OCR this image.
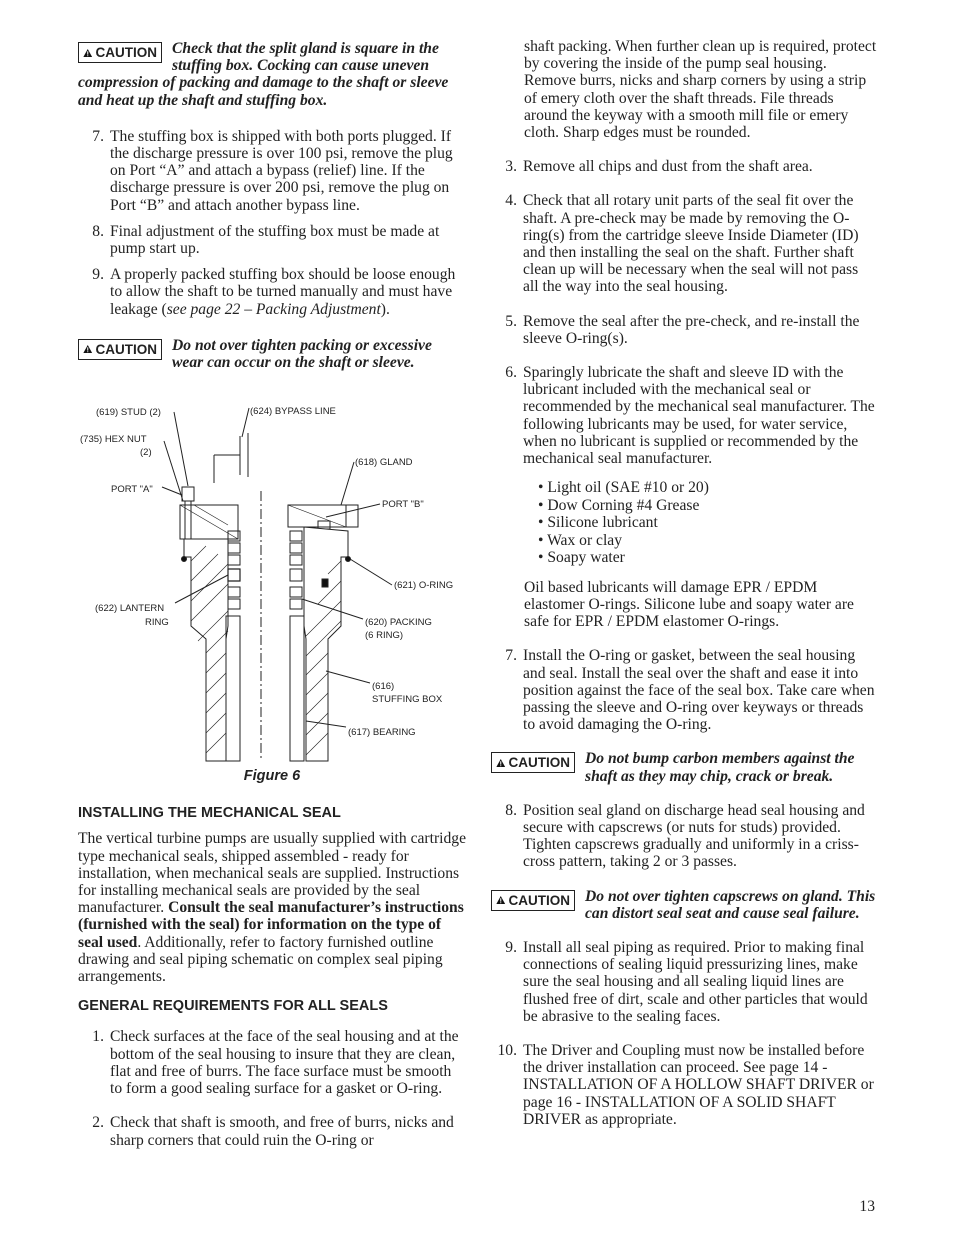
CAUTION Check that the split gland is square in the stuffing box. Cocking can cause uneven compression of packing and damage to the shaft or sleeve and heat up the shaft and stuffing box.
7. The stuffing box is shipped with both ports plugged. If the discharge pressure is over 100 psi, remove the plug on Port “A” and attach a bypass (relief) line. If the discharge pressure is over 200 psi, remove the plug on Port “B” and attach another bypass line.
8. Final adjustment of the stuffing box must be made at pump start up.
9. A properly packed stuffing box should be loose enough to allow the shaft to be turned manually and must have leakage (see page 22 – Packing Adjustment).
CAUTION Do not over tighten packing or excessive wear can occur on the shaft or sleeve.
(619) STUD (2)
(735) HEX NUT
(2)
(624) BYPASS LINE
(618) GLAND
PORT "A"
PORT "B"
(621) O-RING
(622) LANTERN
RING	(620) PACKING
(6 RING)
(616)
STUFFING BOX
(617) BEARING
Figure 6
INSTALLING THE MECHANICAL SEAL

The vertical turbine pumps are usually supplied with cartridge type mechanical seals, shipped assembled - ready for installation, when mechanical seals are supplied. Instructions for installing mechanical seals are provided by the seal manufacturer. Consult the seal manufacturer’s instructions (furnished with the seal) for information on the type of seal used. Additionally, refer to factory furnished outline drawing and seal piping schematic on complex seal piping arrangements.

GENERAL REQUIREMENTS FOR ALL SEALS
1. Check surfaces at the face of the seal housing and at the bottom of the seal housing to insure that they are clean, flat and free of burrs. The face surface must be smooth to form a good sealing surface for a gasket or O-ring.
2. Check that shaft is smooth, and free of burrs, nicks and sharp corners that could ruin the O-ring or

shaft packing. When further clean up is required, protect by covering the inside of the pump seal housing. Remove burrs, nicks and sharp corners by using a strip of emery cloth over the shaft threads. File threads around the keyway with a smooth mill file or emery cloth. Sharp edges must be rounded.

3. Remove all chips and dust from the shaft area.
4. Check that all rotary unit parts of the seal fit over the shaft. A pre-check may be made by removing the O-ring(s) from the cartridge sleeve Inside Diameter (ID) and then installing the seal on the shaft. Further shaft clean up will be necessary when the seal will not pass all the way into the seal housing.
5. Remove the seal after the pre-check, and re-install the sleeve O-ring(s).
6. Sparingly lubricate the shaft and sleeve ID with the lubricant included with the mechanical seal or recommended by the mechanical seal manufacturer. The following lubricants may be used, for water service, when no lubricant is supplied or recommended by the mechanical seal manufacturer.
• Light oil (SAE #10 or 20)
• Dow Corning #4 Grease
• Silicone lubricant
• Wax or clay
• Soapy water

Oil based lubricants will damage EPR / EPDM elastomer O-rings. Silicone lube and soapy water are safe for EPR / EPDM elastomer O-rings.

7. Install the O-ring or gasket, between the seal housing and seal. Install the seal over the shaft and ease it into position against the face of the seal box. Take care when passing the sleeve and O-ring over keyways or threads to avoid damaging the O-ring.
CAUTION Do not bump carbon members against the shaft as they may chip, crack or break.
8. Position seal gland on discharge head seal housing and secure with capscrews (or nuts for studs) provided. Tighten capscrews gradually and uniformly in a criss-cross pattern, taking 2 or 3 passes.
CAUTION Do not over tighten capscrews on gland. This can distort seal seat and cause seal failure.
9. Install all seal piping as required. Prior to making final connections of sealing liquid pressurizing lines, make sure the seal housing and all sealing liquid lines are flushed free of dirt, scale and other particles that would be abrasive to the sealing faces.
10. The Driver and Coupling must now be installed before the driver installation can proceed. See page 14 - INSTALLATION OF A HOLLOW SHAFT DRIVER or page 16 - INSTALLATION OF A SOLID SHAFT DRIVER as appropriate.
13
